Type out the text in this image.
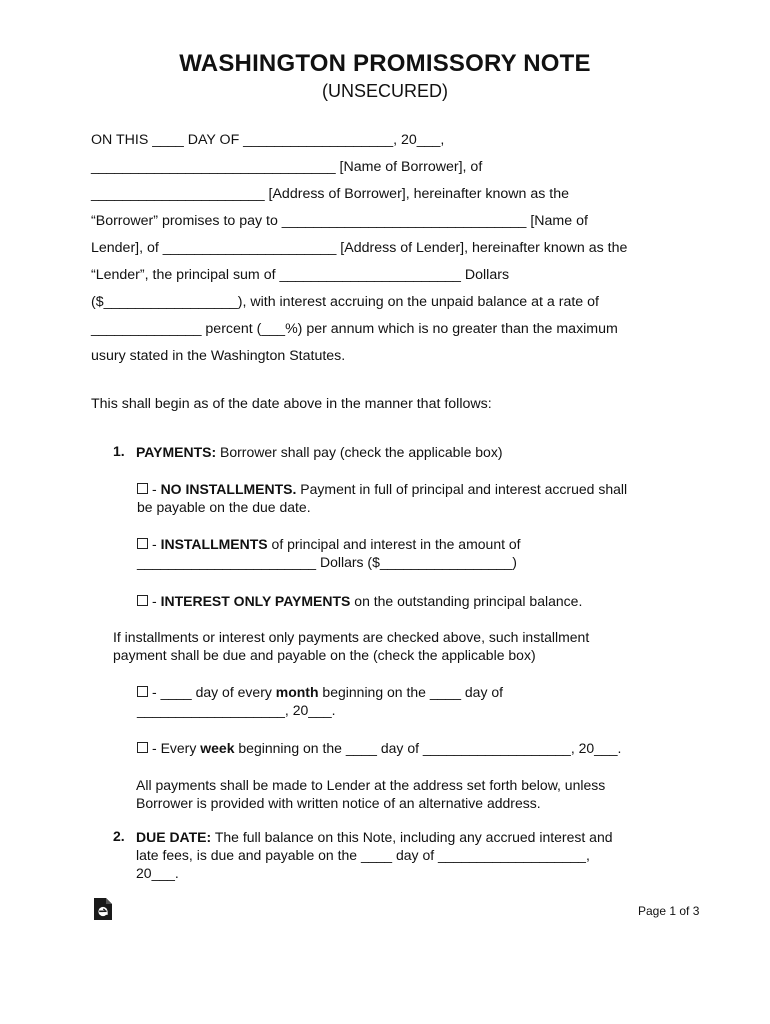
WASHINGTON PROMISSORY NOTE
(UNSECURED)
ON THIS ____ DAY OF ___________________, 20___,
_______________________________ [Name of Borrower], of
______________________ [Address of Borrower], hereinafter known as the
“Borrower” promises to pay to _______________________________ [Name of
Lender], of ______________________ [Address of Lender], hereinafter known as the
“Lender”, the principal sum of _______________________ Dollars
($_________________), with interest accruing on the unpaid balance at a rate of
______________ percent (___%) per annum which is no greater than the maximum
usury stated in the Washington Statutes.
This shall begin as of the date above in the manner that follows:
1. PAYMENTS: Borrower shall pay (check the applicable box)
- NO INSTALLMENTS. Payment in full of principal and interest accrued shall
be payable on the due date.
- INSTALLMENTS of principal and interest in the amount of
_______________________ Dollars ($_________________)
- INTEREST ONLY PAYMENTS on the outstanding principal balance.
If installments or interest only payments are checked above, such installment
payment shall be due and payable on the (check the applicable box)
- ____ day of every month beginning on the ____ day of
___________________, 20___.
- Every week beginning on the ____ day of ___________________, 20___.
All payments shall be made to Lender at the address set forth below, unless
Borrower is provided with written notice of an alternative address.
2. DUE DATE: The full balance on this Note, including any accrued interest and
late fees, is due and payable on the ____ day of ___________________,
20___.
Page 1 of 3
